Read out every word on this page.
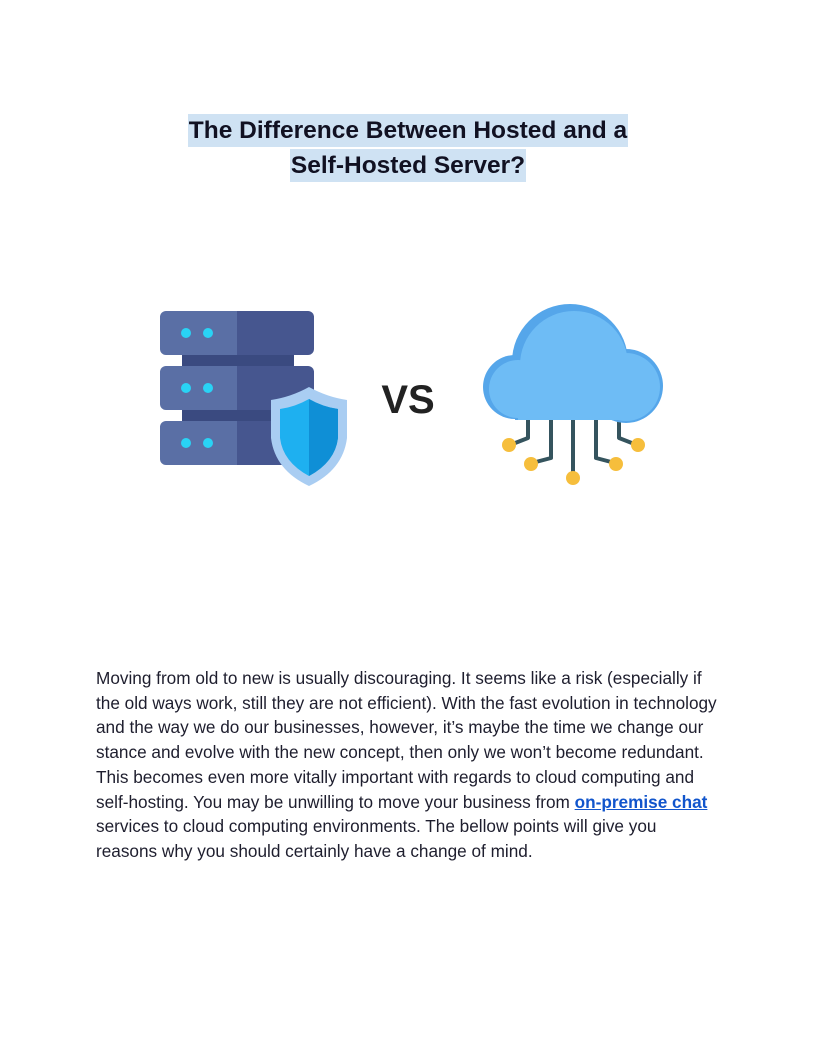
The Difference Between Hosted and a
Self-Hosted Server?
VS

Moving from old to new is usually discouraging. It seems like a risk (especially if the old ways work, still they are not efficient). With the fast evolution in technology and the way we do our businesses, however, it’s maybe the time we change our stance and evolve with the new concept, then only we won’t become redundant. This becomes even more vitally important with regards to cloud computing and self-hosting. You may be unwilling to move your business from on-premise chat services to cloud computing environments. The bellow points will give you reasons why you should certainly have a change of mind.
